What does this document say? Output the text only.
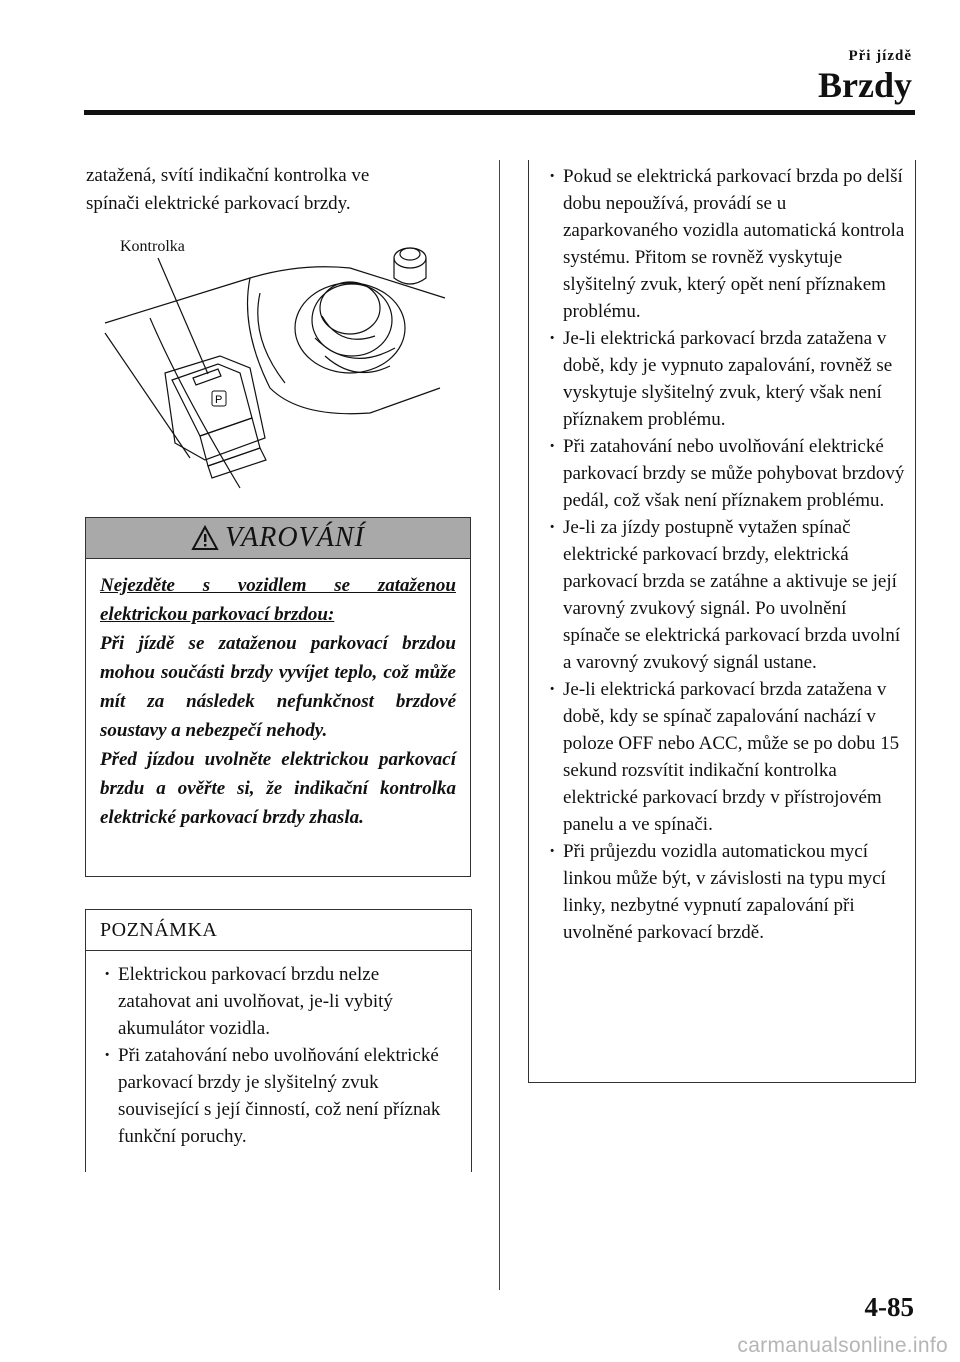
Při jízdě
Brzdy
zatažená, svítí indikační kontrolka ve
spínači elektrické parkovací brzdy.
P
Kontrolka
VAROVÁNÍ
Nejezděte s vozidlem se zataženou
elektrickou parkovací brzdou:
Při jízdě se zataženou parkovací brzdou mohou součásti brzdy vyvíjet teplo, což může mít za následek nefunkčnost brzdové soustavy a nebezpečí nehody.
Před jízdou uvolněte elektrickou parkovací brzdu a ověřte si, že indikační kontrolka elektrické parkovací brzdy zhasla.
POZNÁMKA
· Elektrickou parkovací brzdu nelze zatahovat ani uvolňovat, je-li vybitý akumulátor vozidla.
· Při zatahování nebo uvolňování elektrické parkovací brzdy je slyšitelný zvuk související s její činností, což není příznak funkční poruchy.
· Pokud se elektrická parkovací brzda po delší dobu nepoužívá, provádí se u zaparkovaného vozidla automatická kontrola systému. Přitom se rovněž vyskytuje slyšitelný zvuk, který opět není příznakem problému.
· Je-li elektrická parkovací brzda zatažena v době, kdy je vypnuto zapalování, rovněž se vyskytuje slyšitelný zvuk, který však není příznakem problému.
· Při zatahování nebo uvolňování elektrické parkovací brzdy se může pohybovat brzdový pedál, což však není příznakem problému.
· Je-li za jízdy postupně vytažen spínač elektrické parkovací brzdy, elektrická parkovací brzda se zatáhne a aktivuje se její varovný zvukový signál. Po uvolnění spínače se elektrická parkovací brzda uvolní a varovný zvukový signál ustane.
· Je-li elektrická parkovací brzda zatažena v době, kdy se spínač zapalování nachází v poloze OFF nebo ACC, může se po dobu 15 sekund rozsvítit indikační kontrolka elektrické parkovací brzdy v přístrojovém panelu a ve spínači.
· Při průjezdu vozidla automatickou mycí linkou může být, v závislosti na typu mycí linky, nezbytné vypnutí zapalování při uvolněné parkovací brzdě.
4-85
carmanualsonline.info
